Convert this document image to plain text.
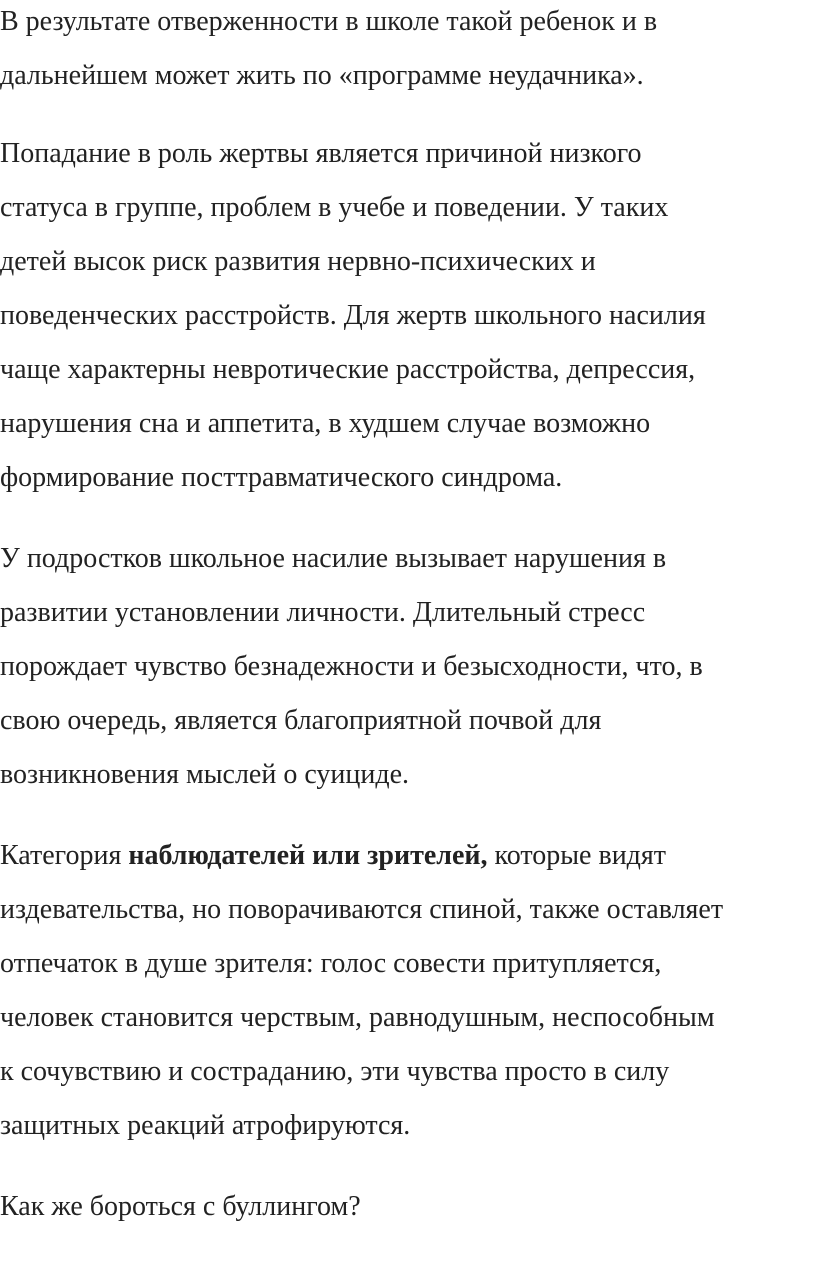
В результате отверженности в школе такой ребенок и в
дальнейшем может жить по «программе неудачника».
Попадание в роль жертвы является причиной низкого
статуса в группе, проблем в учебе и поведении. У таких
детей высок риск развития нервно-психических и
поведенческих расстройств. Для жертв школьного насилия
чаще характерны невротические расстройства, депрессия,
нарушения сна и аппетита, в худшем случае возможно
формирование посттравматического синдрома.
У подростков школьное насилие вызывает нарушения в
развитии установлении личности. Длительный стресс
порождает чувство безнадежности и безысходности, что, в
свою очередь, является благоприятной почвой для
возникновения мыслей о суициде.
Категория наблюдателей или зрителей, которые видят
издевательства, но поворачиваются спиной, также оставляет
отпечаток в душе зрителя: голос совести притупляется,
человек становится черствым, равнодушным, неспособным
к сочувствию и состраданию, эти чувства просто в силу
защитных реакций атрофируются.
Как же бороться с буллингом?
